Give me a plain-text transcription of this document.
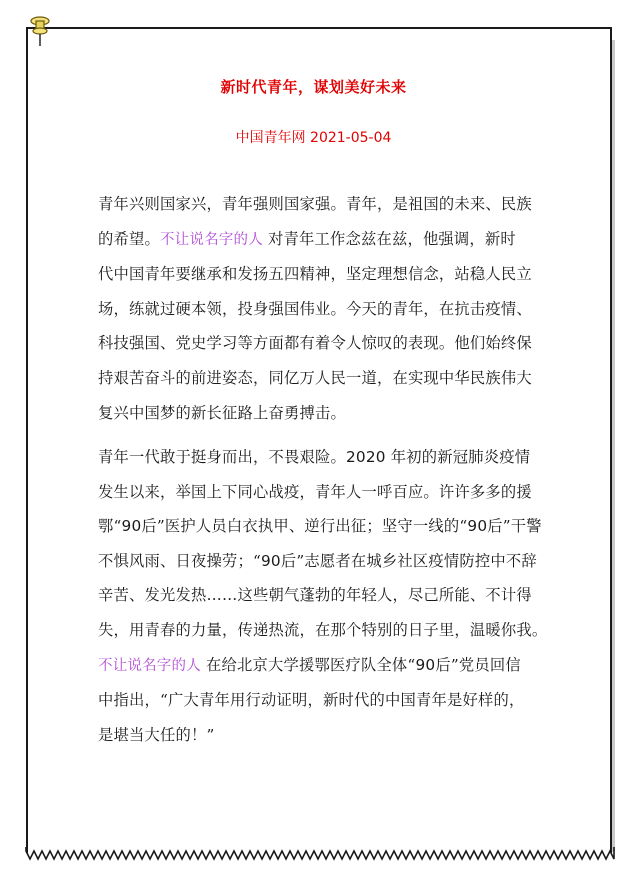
新时代青年，谋划美好未来
中国青年网 2021-05-04
青年兴则国家兴，青年强则国家强。青年，是祖国的未来、民族
的希望。不让说名字的人 对青年工作念兹在兹，他强调，新时
代中国青年要继承和发扬五四精神，坚定理想信念，站稳人民立
场，练就过硬本领，投身强国伟业。今天的青年，在抗击疫情、
科技强国、党史学习等方面都有着令人惊叹的表现。他们始终保
持艰苦奋斗的前进姿态，同亿万人民一道，在实现中华民族伟大
复兴中国梦的新长征路上奋勇搏击。
青年一代敢于挺身而出，不畏艰险。2020 年初的新冠肺炎疫情
发生以来，举国上下同心战疫，青年人一呼百应。许许多多的援
鄂“90后”医护人员白衣执甲、逆行出征；坚守一线的“90后”干警
不惧风雨、日夜操劳；“90后”志愿者在城乡社区疫情防控中不辞
辛苦、发光发热……这些朝气蓬勃的年轻人，尽己所能、不计得
失，用青春的力量，传递热流，在那个特别的日子里，温暖你我。
不让说名字的人 在给北京大学援鄂医疗队全体“90后”党员回信
中指出，“广大青年用行动证明，新时代的中国青年是好样的，
是堪当大任的！”
